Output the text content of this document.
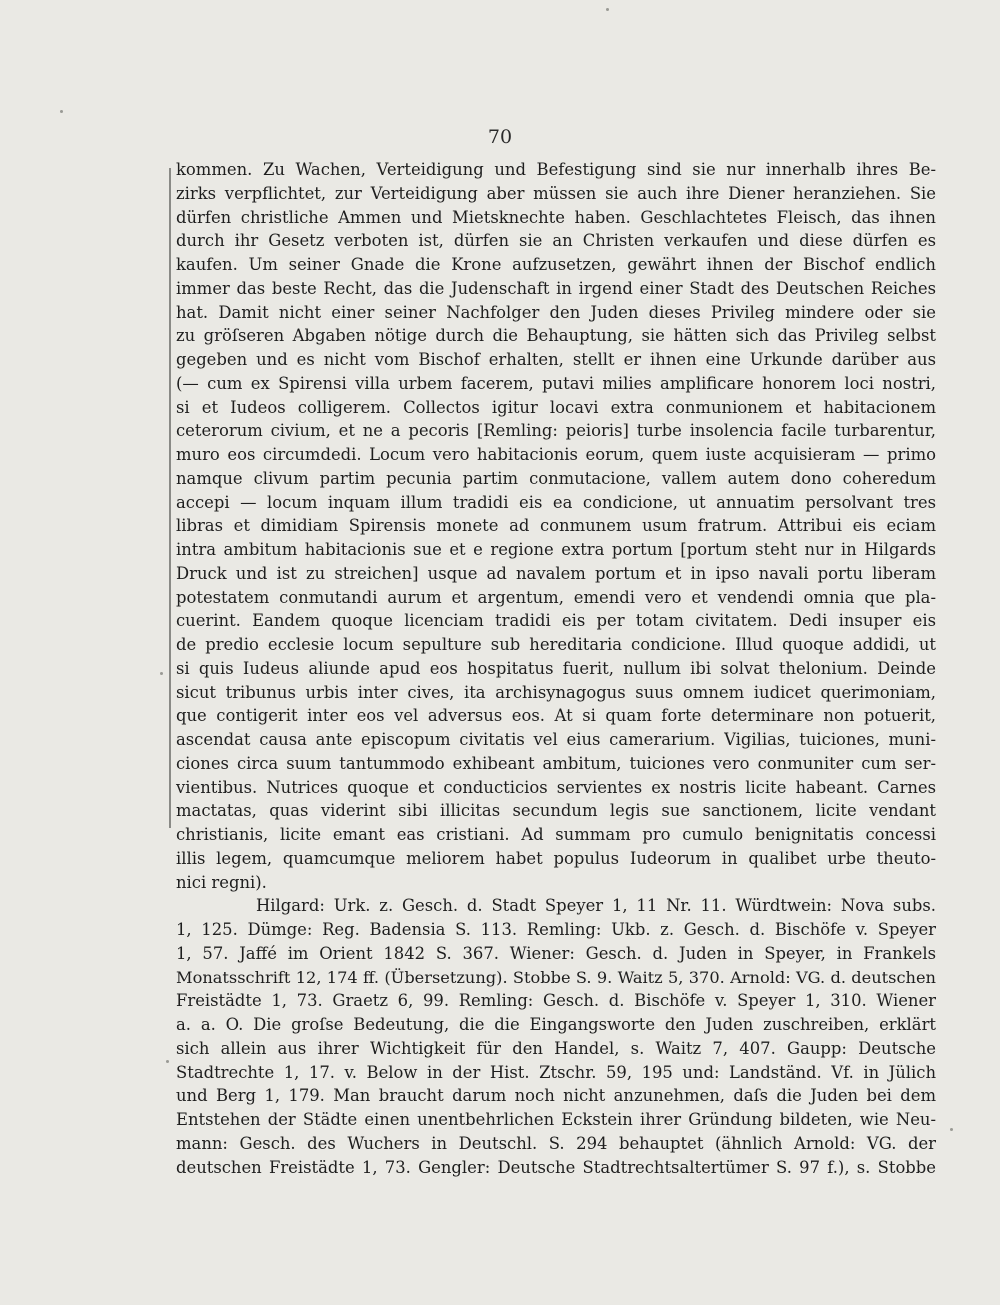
70
kommen. Zu Wachen, Verteidigung und Befestigung sind sie nur innerhalb ihres Be-
zirks verpflichtet, zur Verteidigung aber müssen sie auch ihre Diener heranziehen. Sie
dürfen christliche Ammen und Mietsknechte haben. Geschlachtetes Fleisch, das ihnen
durch ihr Gesetz verboten ist, dürfen sie an Christen verkaufen und diese dürfen es
kaufen. Um seiner Gnade die Krone aufzusetzen, gewährt ihnen der Bischof endlich
immer das beste Recht, das die Judenschaft in irgend einer Stadt des Deutschen Reiches
hat. Damit nicht einer seiner Nachfolger den Juden dieses Privileg mindere oder sie
zu gröſseren Abgaben nötige durch die Behauptung, sie hätten sich das Privileg selbst
gegeben und es nicht vom Bischof erhalten, stellt er ihnen eine Urkunde darüber aus
(— cum ex Spirensi villa urbem facerem, putavi milies amplificare honorem loci nostri,
si et Iudeos colligerem. Collectos igitur locavi extra conmunionem et habitacionem
ceterorum civium, et ne a pecoris [Remling: peioris] turbe insolencia facile turbarentur,
muro eos circumdedi. Locum vero habitacionis eorum, quem iuste acquisieram — primo
namque clivum partim pecunia partim conmutacione, vallem autem dono coheredum
accepi — locum inquam illum tradidi eis ea condicione, ut annuatim persolvant tres
libras et dimidiam Spirensis monete ad conmunem usum fratrum. Attribui eis eciam
intra ambitum habitacionis sue et e regione extra portum [portum steht nur in Hilgards
Druck und ist zu streichen] usque ad navalem portum et in ipso navali portu liberam
potestatem conmutandi aurum et argentum, emendi vero et vendendi omnia que pla-
cuerint. Eandem quoque licenciam tradidi eis per totam civitatem. Dedi insuper eis
de predio ecclesie locum sepulture sub hereditaria condicione. Illud quoque addidi, ut
si quis Iudeus aliunde apud eos hospitatus fuerit, nullum ibi solvat thelonium. Deinde
sicut tribunus urbis inter cives, ita archisynagogus suus omnem iudicet querimoniam,
que contigerit inter eos vel adversus eos. At si quam forte determinare non potuerit,
ascendat causa ante episcopum civitatis vel eius camerarium. Vigilias, tuiciones, muni-
ciones circa suum tantummodo exhibeant ambitum, tuiciones vero conmuniter cum ser-
vientibus. Nutrices quoque et conducticios servientes ex nostris licite habeant. Carnes
mactatas, quas viderint sibi illicitas secundum legis sue sanctionem, licite vendant
christianis, licite emant eas cristiani. Ad summam pro cumulo benignitatis concessi
illis legem, quamcumque meliorem habet populus Iudeorum in qualibet urbe theuto-
nici regni).
Hilgard: Urk. z. Gesch. d. Stadt Speyer 1, 11 Nr. 11. Würdtwein: Nova subs.
1, 125. Dümge: Reg. Badensia S. 113. Remling: Ukb. z. Gesch. d. Bischöfe v. Speyer
1, 57. Jaffé im Orient 1842 S. 367. Wiener: Gesch. d. Juden in Speyer, in Frankels
Monatsschrift 12, 174 ff. (Übersetzung). Stobbe S. 9. Waitz 5, 370. Arnold: VG. d. deutschen
Freistädte 1, 73. Graetz 6, 99. Remling: Gesch. d. Bischöfe v. Speyer 1, 310. Wiener
a. a. O. Die groſse Bedeutung, die die Eingangsworte den Juden zuschreiben, erklärt
sich allein aus ihrer Wichtigkeit für den Handel, s. Waitz 7, 407. Gaupp: Deutsche
Stadtrechte 1, 17. v. Below in der Hist. Ztschr. 59, 195 und: Landständ. Vf. in Jülich
und Berg 1, 179. Man braucht darum noch nicht anzunehmen, daſs die Juden bei dem
Entstehen der Städte einen unentbehrlichen Eckstein ihrer Gründung bildeten, wie Neu-
mann: Gesch. des Wuchers in Deutschl. S. 294 behauptet (ähnlich Arnold: VG. der
deutschen Freistädte 1, 73. Gengler: Deutsche Stadtrechtsaltertümer S. 97 f.), s. Stobbe
